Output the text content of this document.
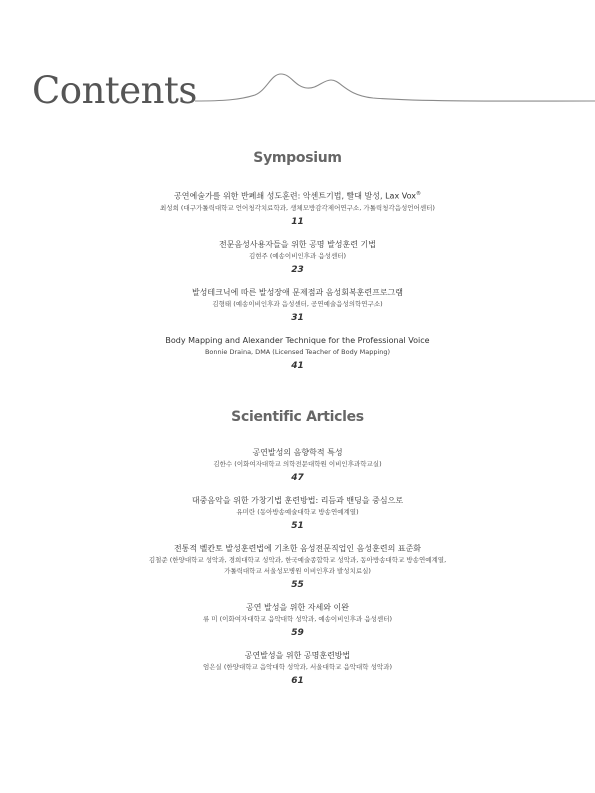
Contents
Symposium
공연예술가를 위한 반폐쇄 성도훈련: 악센트기법, 빨대 발성, Lax Vox®
최성희 (대구가톨릭대학교 언어청각치료학과, 생체모방감각제어연구소, 가톨릭청각음성언어센터)
11
전문음성사용자들을 위한 공명 발성훈련 기법
김현주 (예송이비인후과 음성센터)
23
발성테크닉에 따른 발성장애 문제점과 음성회복훈련프로그램
김형태 (예송이비인후과 음성센터, 공연예술음성의학연구소)
31
Body Mapping and Alexander Technique for the Professional Voice
Bonnie Draina, DMA (Licensed Teacher of Body Mapping)
41
Scientific Articles
공연발성의 음향학적 특성
김한수 (이화여자대학교 의학전문대학원 이비인후과학교실)
47
대중음악을 위한 가창기법 훈련방법: 리듬과 밴딩을 중심으로
유미란 (동아방송예술대학교 방송연예계열)
51
전통적 벨칸토 발성훈련법에 기초한 음성전문직업인 음성훈련의 표준화
김철준 (한양대학교 성악과, 경희대학교 성악과, 한국예술종합학교 성악과, 동아방송대학교 방송연예계열,
가톨릭대학교 서울성모병원 이비인후과 발성치료실)
55
공연 발성을 위한 자세와 이완
류 미 (이화여자대학교 음악대학 성악과, 예송이비인후과 음성센터)
59
공연발성을 위한 공명훈련방법
엄은실 (한양대학교 음악대학 성악과, 서울대학교 음악대학 성악과)
61
